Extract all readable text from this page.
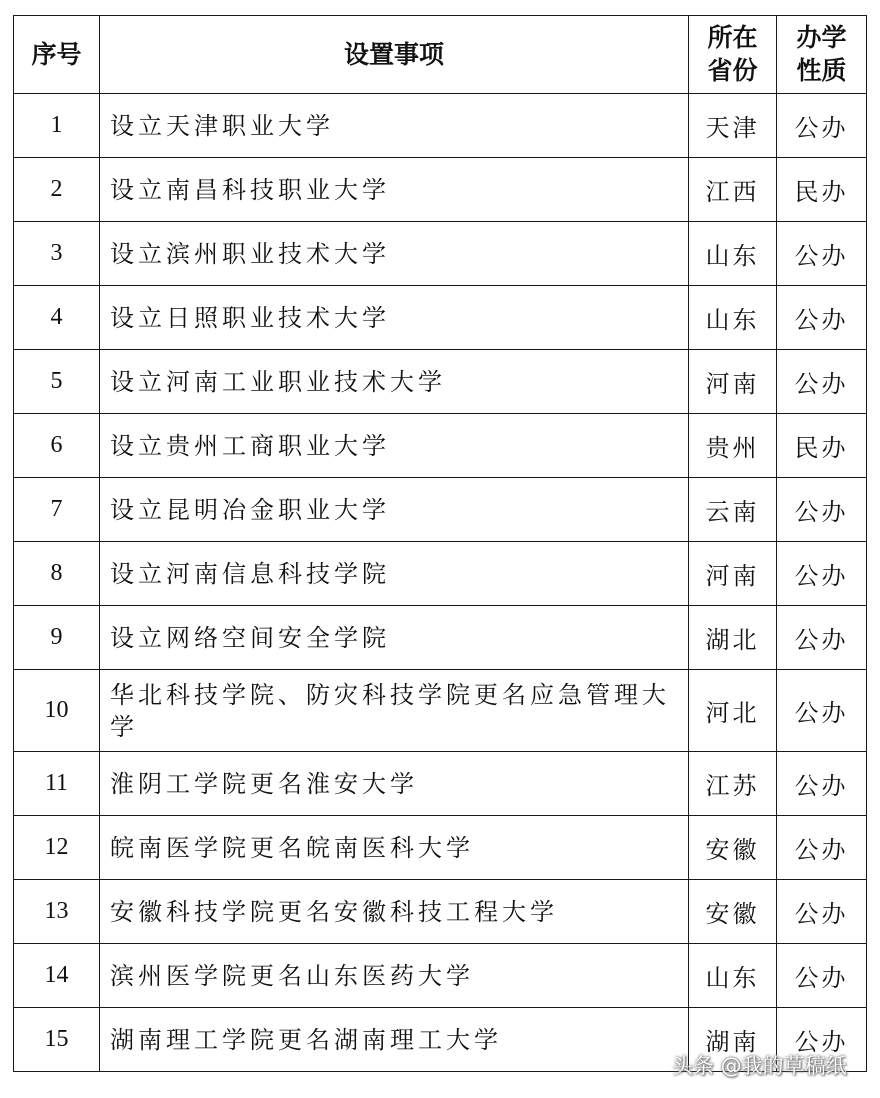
序号	设置事项	所在省份	办学性质
1	设立天津职业大学	天津	公办
2	设立南昌科技职业大学	江西	民办
3	设立滨州职业技术大学	山东	公办
4	设立日照职业技术大学	山东	公办
5	设立河南工业职业技术大学	河南	公办
6	设立贵州工商职业大学	贵州	民办
7	设立昆明冶金职业大学	云南	公办
8	设立河南信息科技学院	河南	公办
9	设立网络空间安全学院	湖北	公办
10	华北科技学院、防灾科技学院更名应急管理大学	河北	公办
11	淮阴工学院更名淮安大学	江苏	公办
12	皖南医学院更名皖南医科大学	安徽	公办
13	安徽科技学院更名安徽科技工程大学	安徽	公办
14	滨州医学院更名山东医药大学	山东	公办
15	湖南理工学院更名湖南理工大学	湖南	公办
头条 @我的草稿纸
